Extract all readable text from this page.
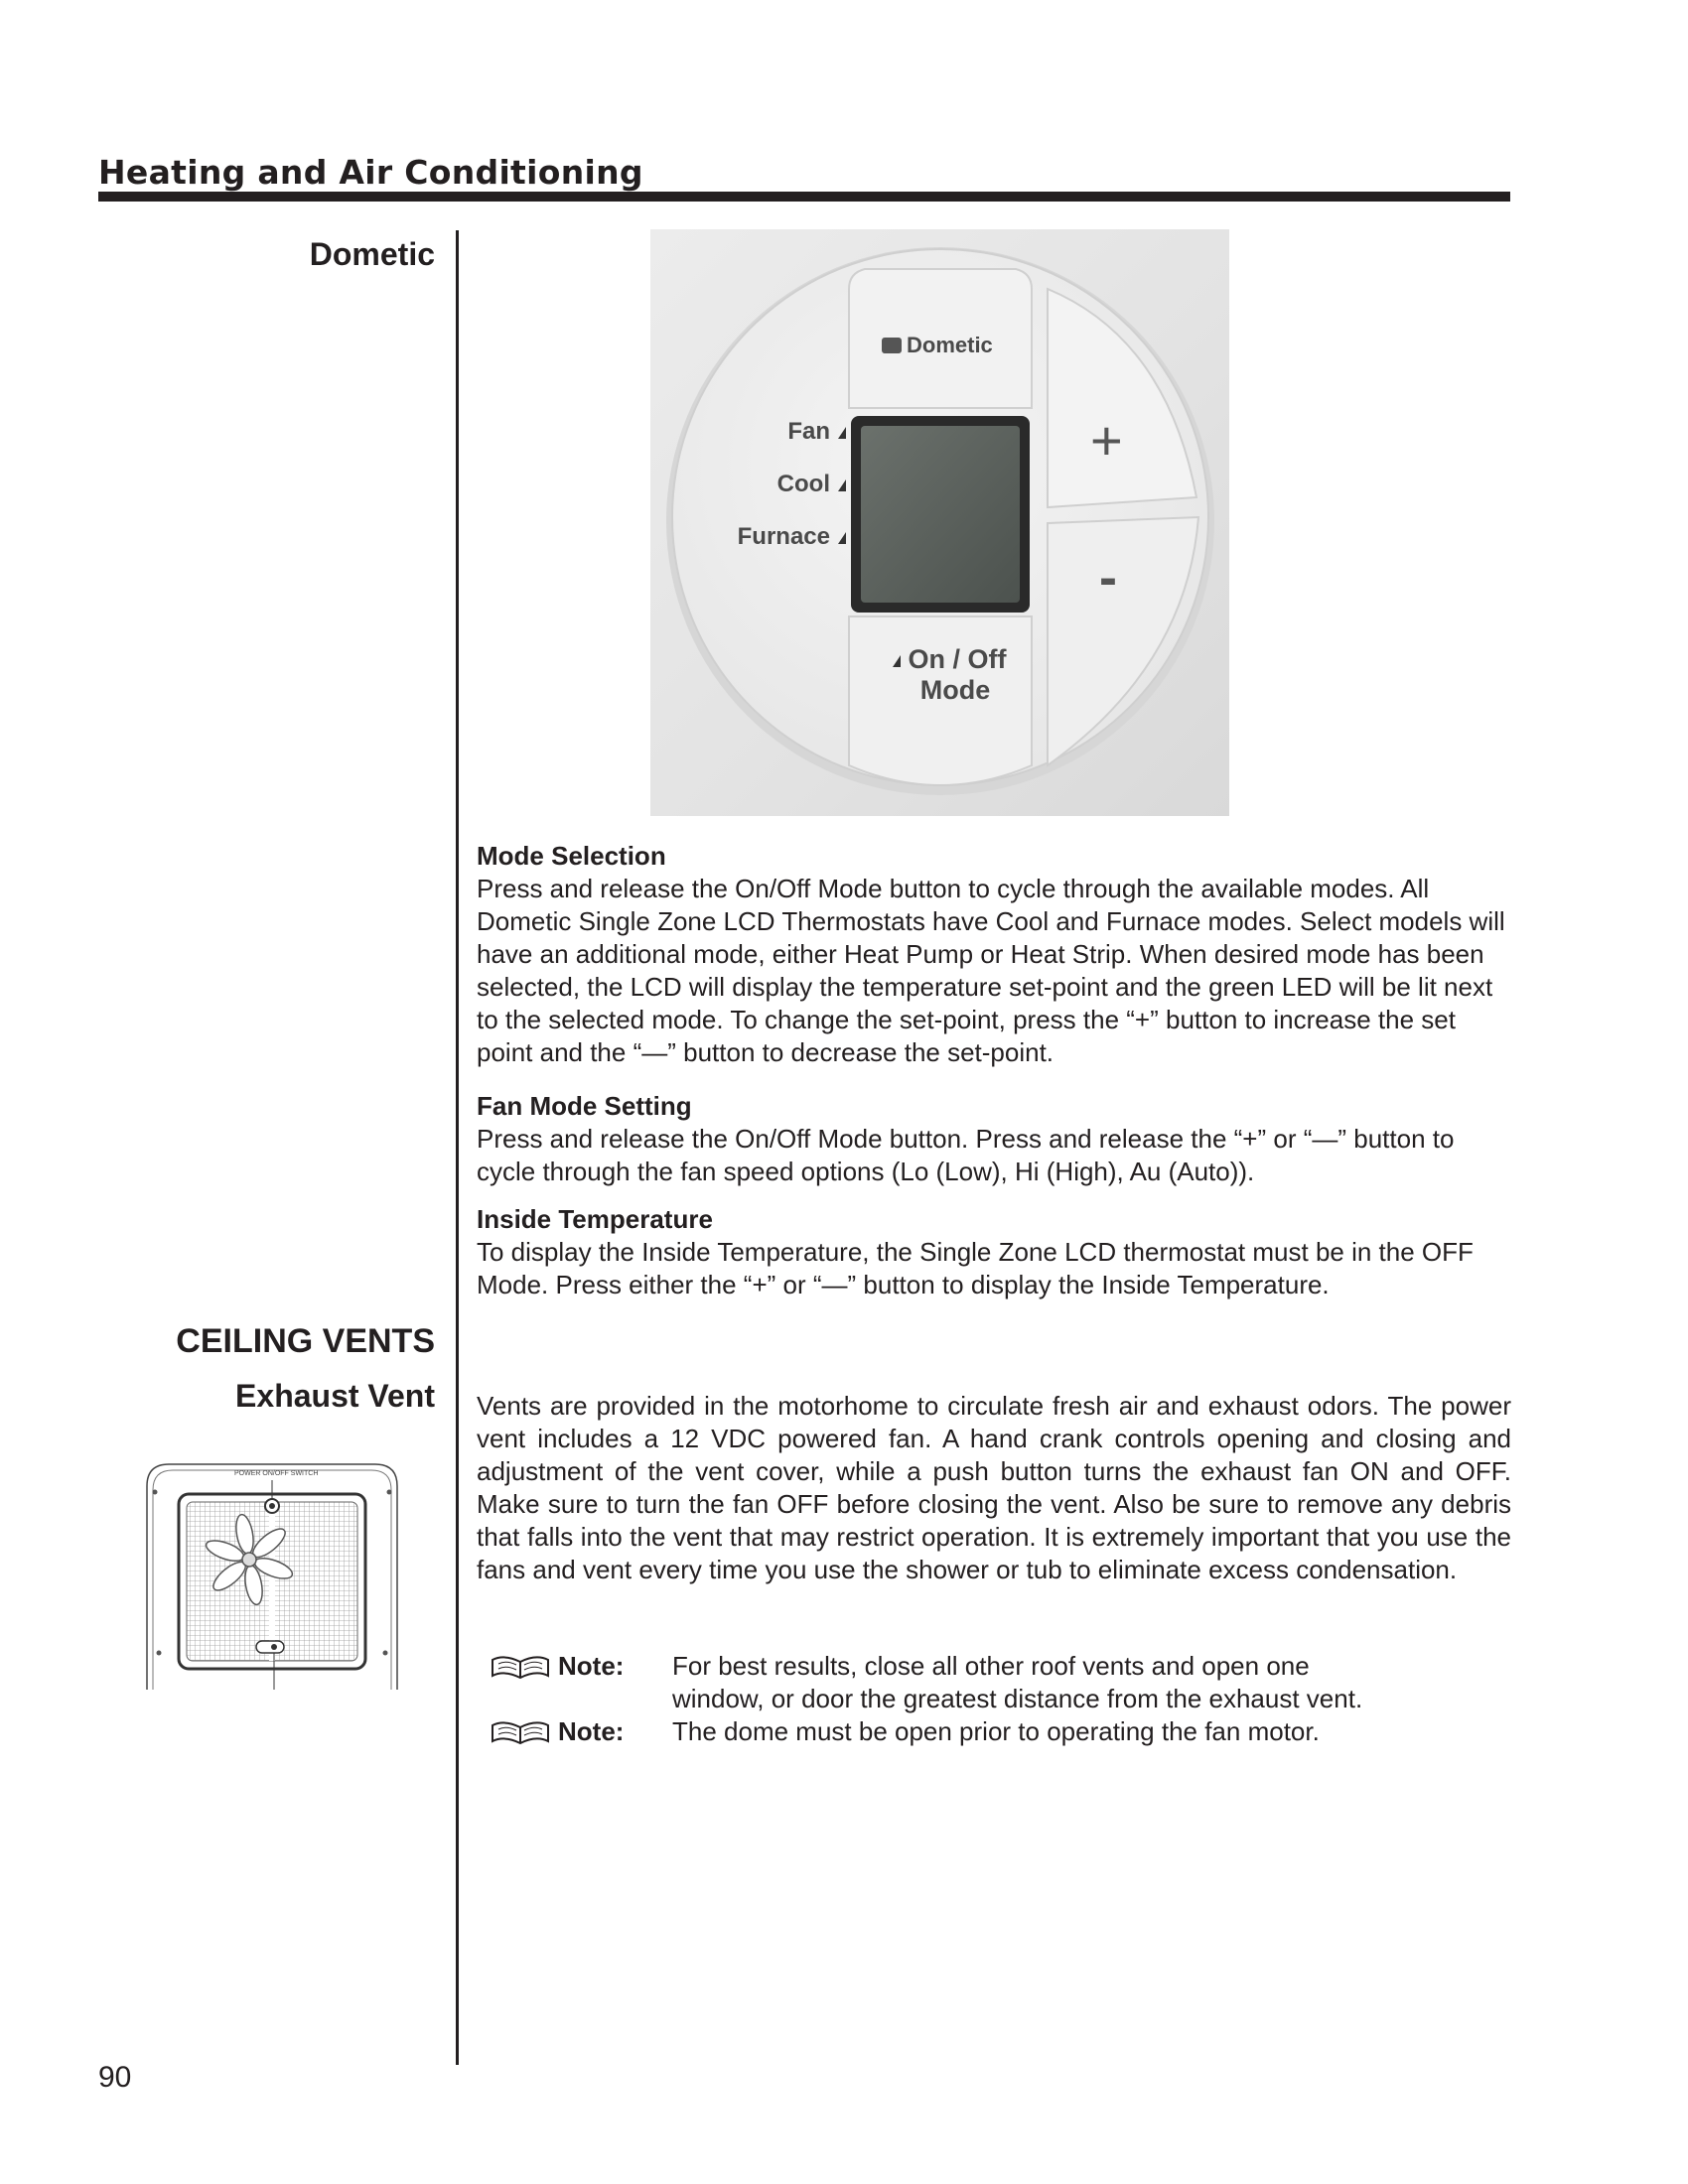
Heating and Air Conditioning
Dometic
CEILING VENTS
Exhaust Vent
Dometic
Fan
Cool
Furnace
+
-
On / Off
Mode
Mode Selection
Press and release the On/Off Mode button to cycle through the available modes. All Dometic Single Zone LCD Thermostats have Cool and Furnace modes. Select models will have an additional mode, either Heat Pump or Heat Strip. When desired mode has been selected, the LCD will display the temperature set-point and the green LED will be lit next to the selected mode. To change the set-point, press the “+” button to increase the set point and the “—” button to decrease the set-point.
Fan Mode Setting
Press and release the On/Off Mode button. Press and release the “+” or “—” button to cycle through the fan speed options (Lo (Low), Hi (High), Au (Auto)).
Inside Temperature
To display the Inside Temperature, the Single Zone LCD thermostat must be in the OFF Mode. Press either the “+” or “—” button to display the Inside Temperature.
Vents are provided in the motorhome to circulate fresh air and exhaust odors. The power vent includes a 12 VDC powered fan. A hand crank controls opening and closing and adjustment of the vent cover, while a push button turns the exhaust fan ON and OFF. Make sure to turn the fan OFF before closing the vent. Also be sure to remove any debris that falls into the vent that may restrict operation. It is extremely important that you use the fans and vent every time you use the shower or tub to eliminate excess condensation.
POWER ON/OFF SWITCH
Note: For best results, close all other roof vents and open one
window, or door the greatest distance from the exhaust vent.
Note: The dome must be open prior to operating the fan motor.
90
